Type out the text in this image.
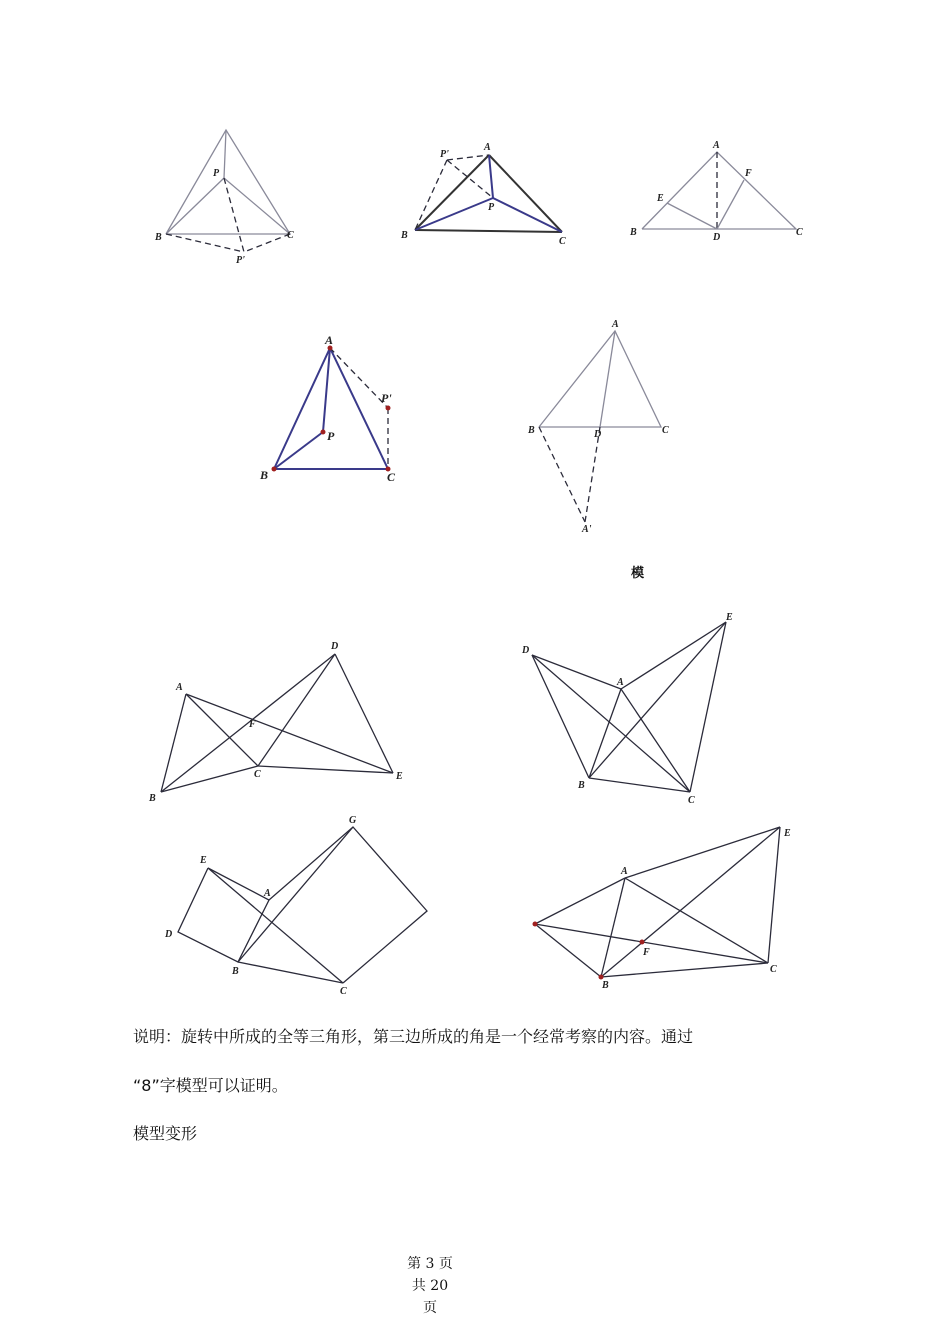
P
B	C
P'
P'
A
P
B
C
A
F
E
B	D	C
A
P'
P
B	C
A
B	D	C
A'
D
A
F
C	E
B
E
D
A
B
C
G
E
A
D
B
C
E
A
F
B
C
模
说明：旋转中所成的全等三角形，第三边所成的角是一个经常考察的内容。通过
“8”字模型可以证明。
模型变形
第 3 页
共 20
页
